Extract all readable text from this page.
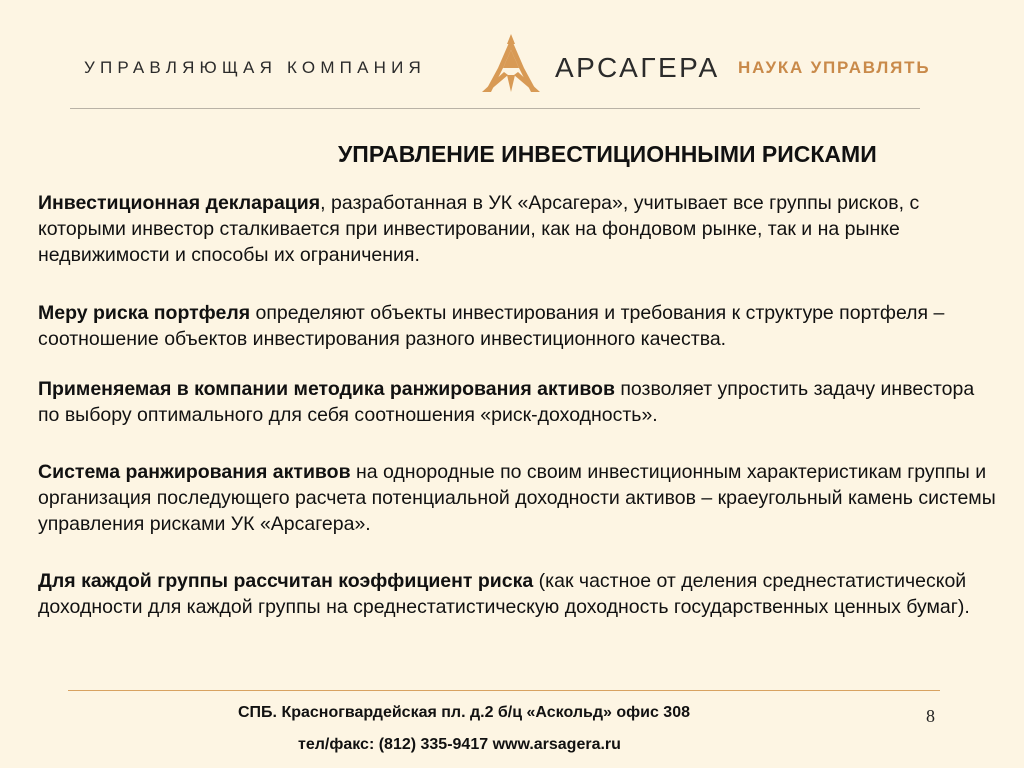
УПРАВЛЯЮЩАЯ КОМПАНИЯ	АРСАГЕРА НАУКА УПРАВЛЯТЬ
УПРАВЛЕНИЕ ИНВЕСТИЦИОННЫМИ РИСКАМИ

Инвестиционная декларация, разработанная в УК «Арсагера», учитывает все группы рисков, с которыми инвестор сталкивается при инвестировании, как на фондовом рынке, так и на рынке недвижимости и способы их ограничения.

Меру риска портфеля определяют объекты инвестирования и требования к структуре портфеля – соотношение объектов инвестирования разного инвестиционного качества.

Применяемая в компании методика ранжирования активов позволяет упростить задачу инвестора по выбору оптимального для себя соотношения «риск-доходность».

Система ранжирования активов на однородные по своим инвестиционным характеристикам группы и организация последующего расчета потенциальной доходности активов – краеугольный камень системы управления рисками УК «Арсагера».

Для каждой группы рассчитан коэффициент риска (как частное от деления среднестатистической доходности для каждой группы на среднестатистическую доходность государственных ценных бумаг).

СПБ. Красногвардейская пл. д.2 б/ц «Аскольд» офис 308
тел/факс: (812) 335-9417 www.arsagera.ru
8
